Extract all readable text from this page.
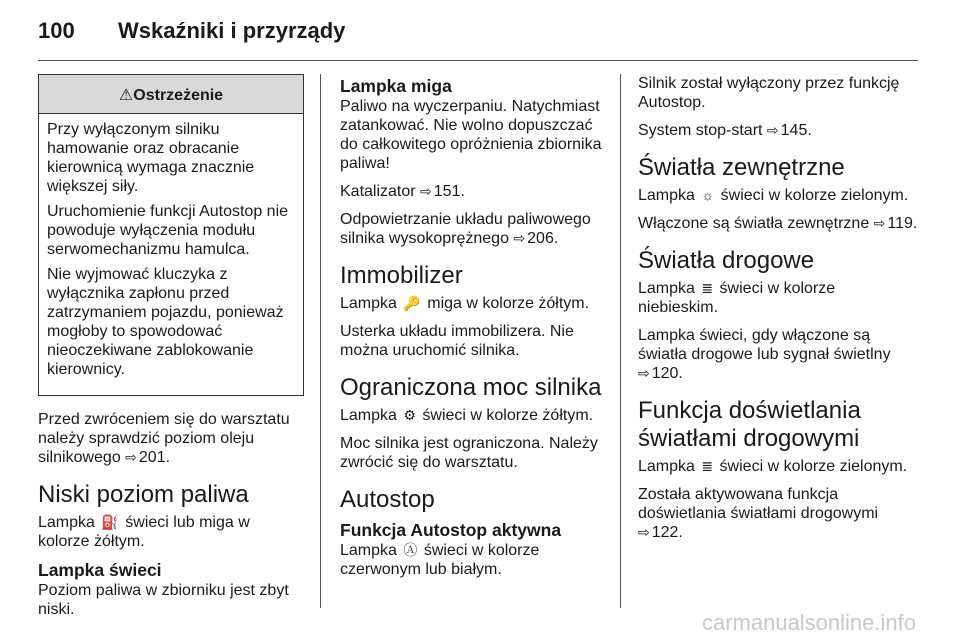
100 Wskaźniki i przyrządy
⚠Ostrzeżenie

Przy wyłączonym silniku hamowanie oraz obracanie kierownicą wymaga znacznie większej siły.

Uruchomienie funkcji Autostop nie powoduje wyłączenia modułu serwomechanizmu hamulca.

Nie wyjmować kluczyka z wyłącznika zapłonu przed zatrzymaniem pojazdu, ponieważ mogłoby to spowodować nieoczekiwane zablokowanie kierownicy.

Przed zwróceniem się do warsztatu należy sprawdzić poziom oleju silnikowego ⇨ 201.

Niski poziom paliwa

Lampka ⛽ świeci lub miga w kolorze żółtym.

Lampka świeci

Poziom paliwa w zbiorniku jest zbyt niski.

Lampka miga

Paliwo na wyczerpaniu. Natychmiast zatankować. Nie wolno dopuszczać do całkowitego opróżnienia zbiornika paliwa!

Katalizator ⇨ 151.

Odpowietrzanie układu paliwowego silnika wysokoprężnego ⇨ 206.

Immobilizer

Lampka 🔑 miga w kolorze żółtym.

Usterka układu immobilizera. Nie można uruchomić silnika.

Ograniczona moc silnika

Lampka ⚙ świeci w kolorze żółtym.

Moc silnika jest ograniczona. Należy zwrócić się do warsztatu.

Autostop
Funkcja Autostop aktywna

Lampka Ⓐ świeci w kolorze czerwonym lub białym.

Silnik został wyłączony przez funkcję Autostop.

System stop-start ⇨ 145.

Światła zewnętrzne

Lampka ☼ świeci w kolorze zielonym.

Włączone są światła zewnętrzne ⇨ 119.

Światła drogowe

Lampka ≣ świeci w kolorze niebieskim.

Lampka świeci, gdy włączone są światła drogowe lub sygnał świetlny ⇨ 120.

Funkcja doświetlania światłami drogowymi

Lampka ≣ świeci w kolorze zielonym.

Została aktywowana funkcja doświetlania światłami drogowymi ⇨ 122.

carmanualsonline.info
